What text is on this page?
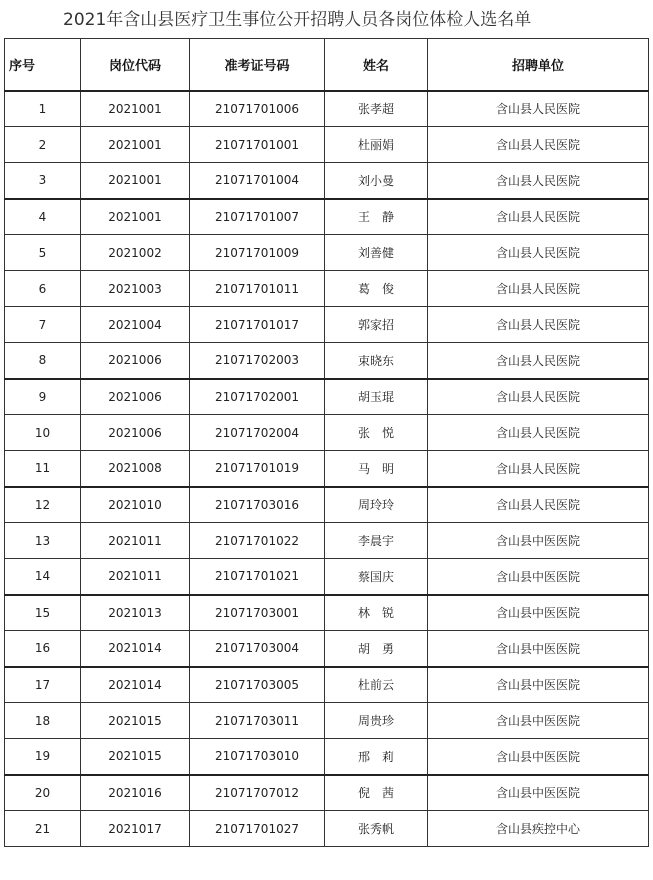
2021年含山县医疗卫生事位公开招聘人员各岗位体检人选名单
序号	岗位代码	准考证号码	姓名	招聘单位
1	2021001	21071701006	张孝超	含山县人民医院
2	2021001	21071701001	杜丽娟	含山县人民医院
3	2021001	21071701004	刘小曼	含山县人民医院
4	2021001	21071701007	王　静	含山县人民医院
5	2021002	21071701009	刘善健	含山县人民医院
6	2021003	21071701011	葛　俊	含山县人民医院
7	2021004	21071701017	郭家招	含山县人民医院
8	2021006	21071702003	束晓东	含山县人民医院
9	2021006	21071702001	胡玉琨	含山县人民医院
10	2021006	21071702004	张　悦	含山县人民医院
11	2021008	21071701019	马　明	含山县人民医院
12	2021010	21071703016	周玲玲	含山县人民医院
13	2021011	21071701022	李晨宇	含山县中医医院
14	2021011	21071701021	蔡国庆	含山县中医医院
15	2021013	21071703001	林　锐	含山县中医医院
16	2021014	21071703004	胡　勇	含山县中医医院
17	2021014	21071703005	杜前云	含山县中医医院
18	2021015	21071703011	周贵珍	含山县中医医院
19	2021015	21071703010	邢　莉	含山县中医医院
20	2021016	21071707012	倪　茜	含山县中医医院
21	2021017	21071701027	张秀帆	含山县疾控中心
